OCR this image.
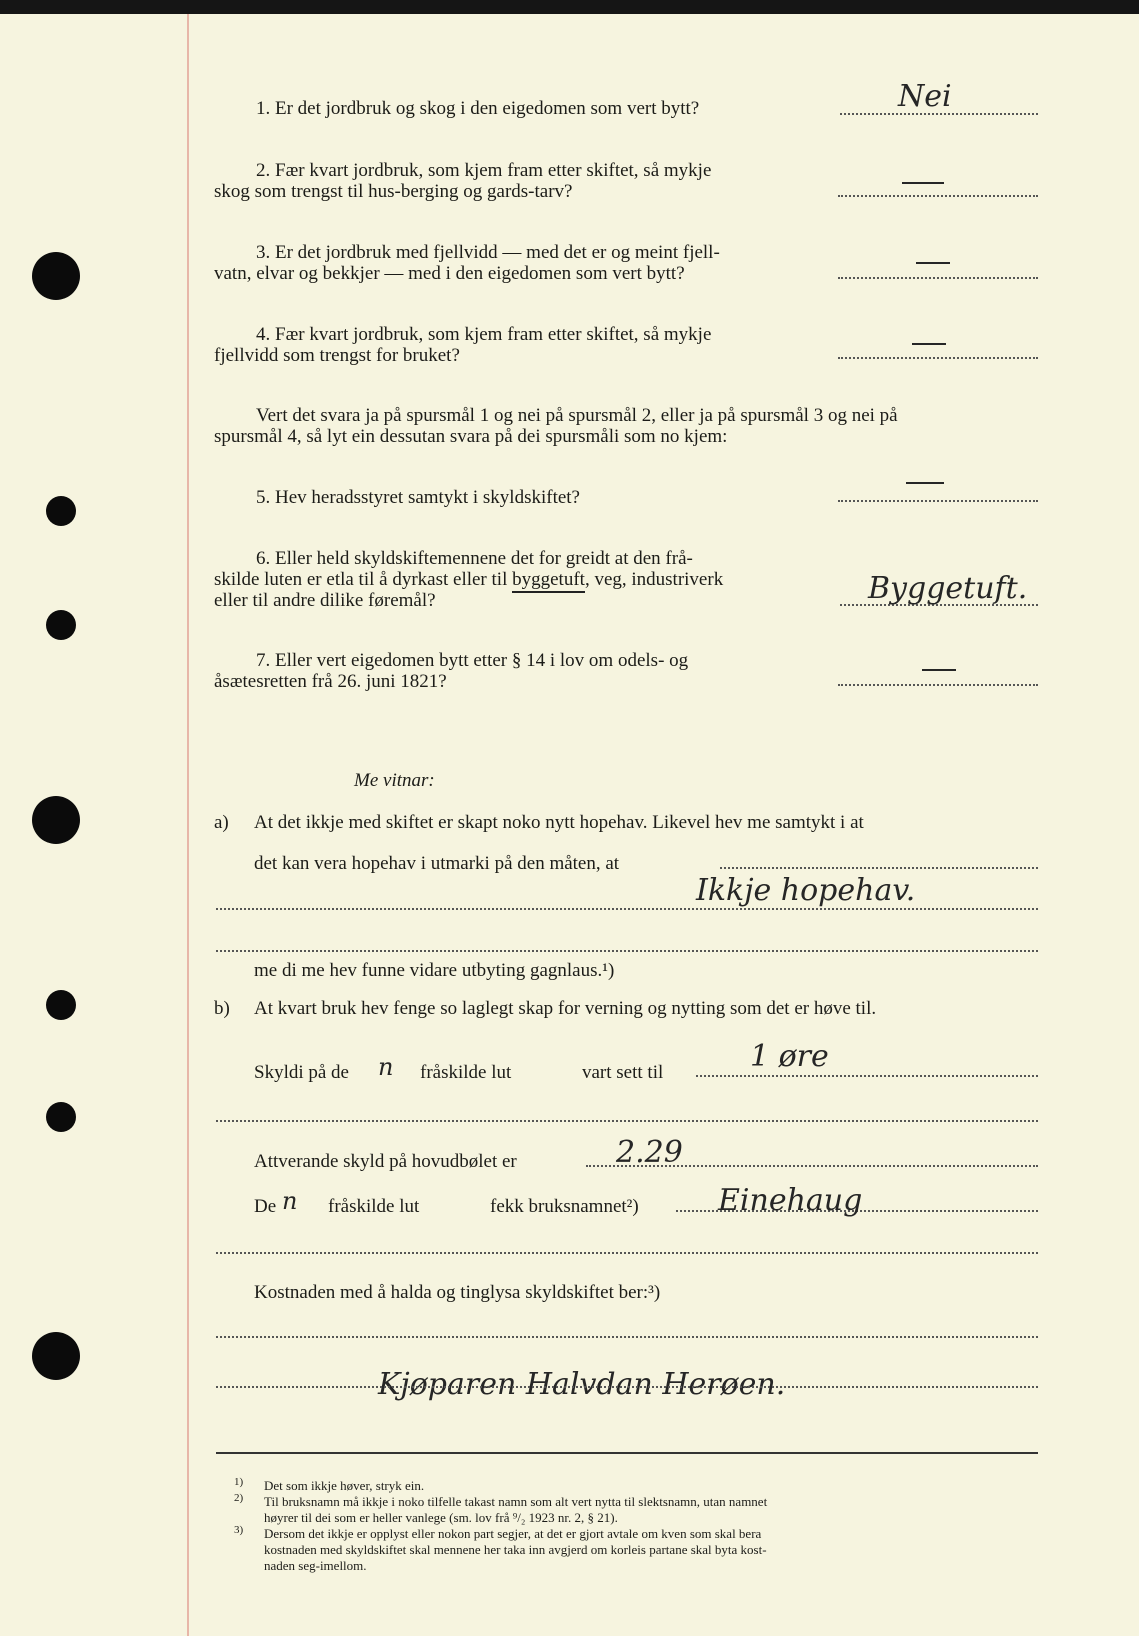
1. Er det jordbruk og skog i den eigedomen som vert bytt?	Nei
2. Fær kvart jordbruk, som kjem fram etter skiftet, så mykje
skog som trengst til hus‑berging og gards‑tarv?
3. Er det jordbruk med fjellvidd — med det er og meint fjell‑
vatn, elvar og bekkjer — med i den eigedomen som vert bytt?
4. Fær kvart jordbruk, som kjem fram etter skiftet, så mykje
fjellvidd som trengst for bruket?
Vert det svara ja på spursmål 1 og nei på spursmål 2, eller ja på spursmål 3 og nei på
spursmål 4, så lyt ein dessutan svara på dei spursmåli som no kjem:
5. Hev heradsstyret samtykt i skyldskiftet?
6. Eller held skyldskiftemennene det for greidt at den frå‑
skilde luten er etla til å dyrkast eller til byggetuft, veg, industriverk
eller til andre dilike føremål?	Byggetuft.
7. Eller vert eigedomen bytt etter § 14 i lov om odels‑ og
åsætesretten frå 26. juni 1821?
Me vitnar:
a) At det ikkje med skiftet er skapt noko nytt hopehav. Likevel hev me samtykt i at
det kan vera hopehav i utmarki på den måten, at
Ikkje hopehav.
me di me hev funne vidare utbyting gagnlaus.¹)
b) At kvart bruk hev fenge so laglegt skap for verning og nytting som det er høve til.
Skyldi på de n fråskilde lut	vart sett til	1 øre
Attverande skyld på hovudbølet er	2.29
De n fråskilde lut	fekk bruksnamnet²)	Einehaug
Kostnaden med å halda og tinglysa skyldskiftet ber:³)
Kjøparen Halvdan Herøen.
1) Det som ikkje høver, stryk ein.
2) Til bruksnamn må ikkje i noko tilfelle takast namn som alt vert nytta til slektsnamn, utan namnet
høyrer til dei som er heller vanlege (sm. lov frå ⁹/₂ 1923 nr. 2, § 21).
3) Dersom det ikkje er opplyst eller nokon part segjer, at det er gjort avtale om kven som skal bera
kostnaden med skyldskiftet skal mennene her taka inn avgjerd om korleis partane skal byta kost‑
naden seg‑imellom.
